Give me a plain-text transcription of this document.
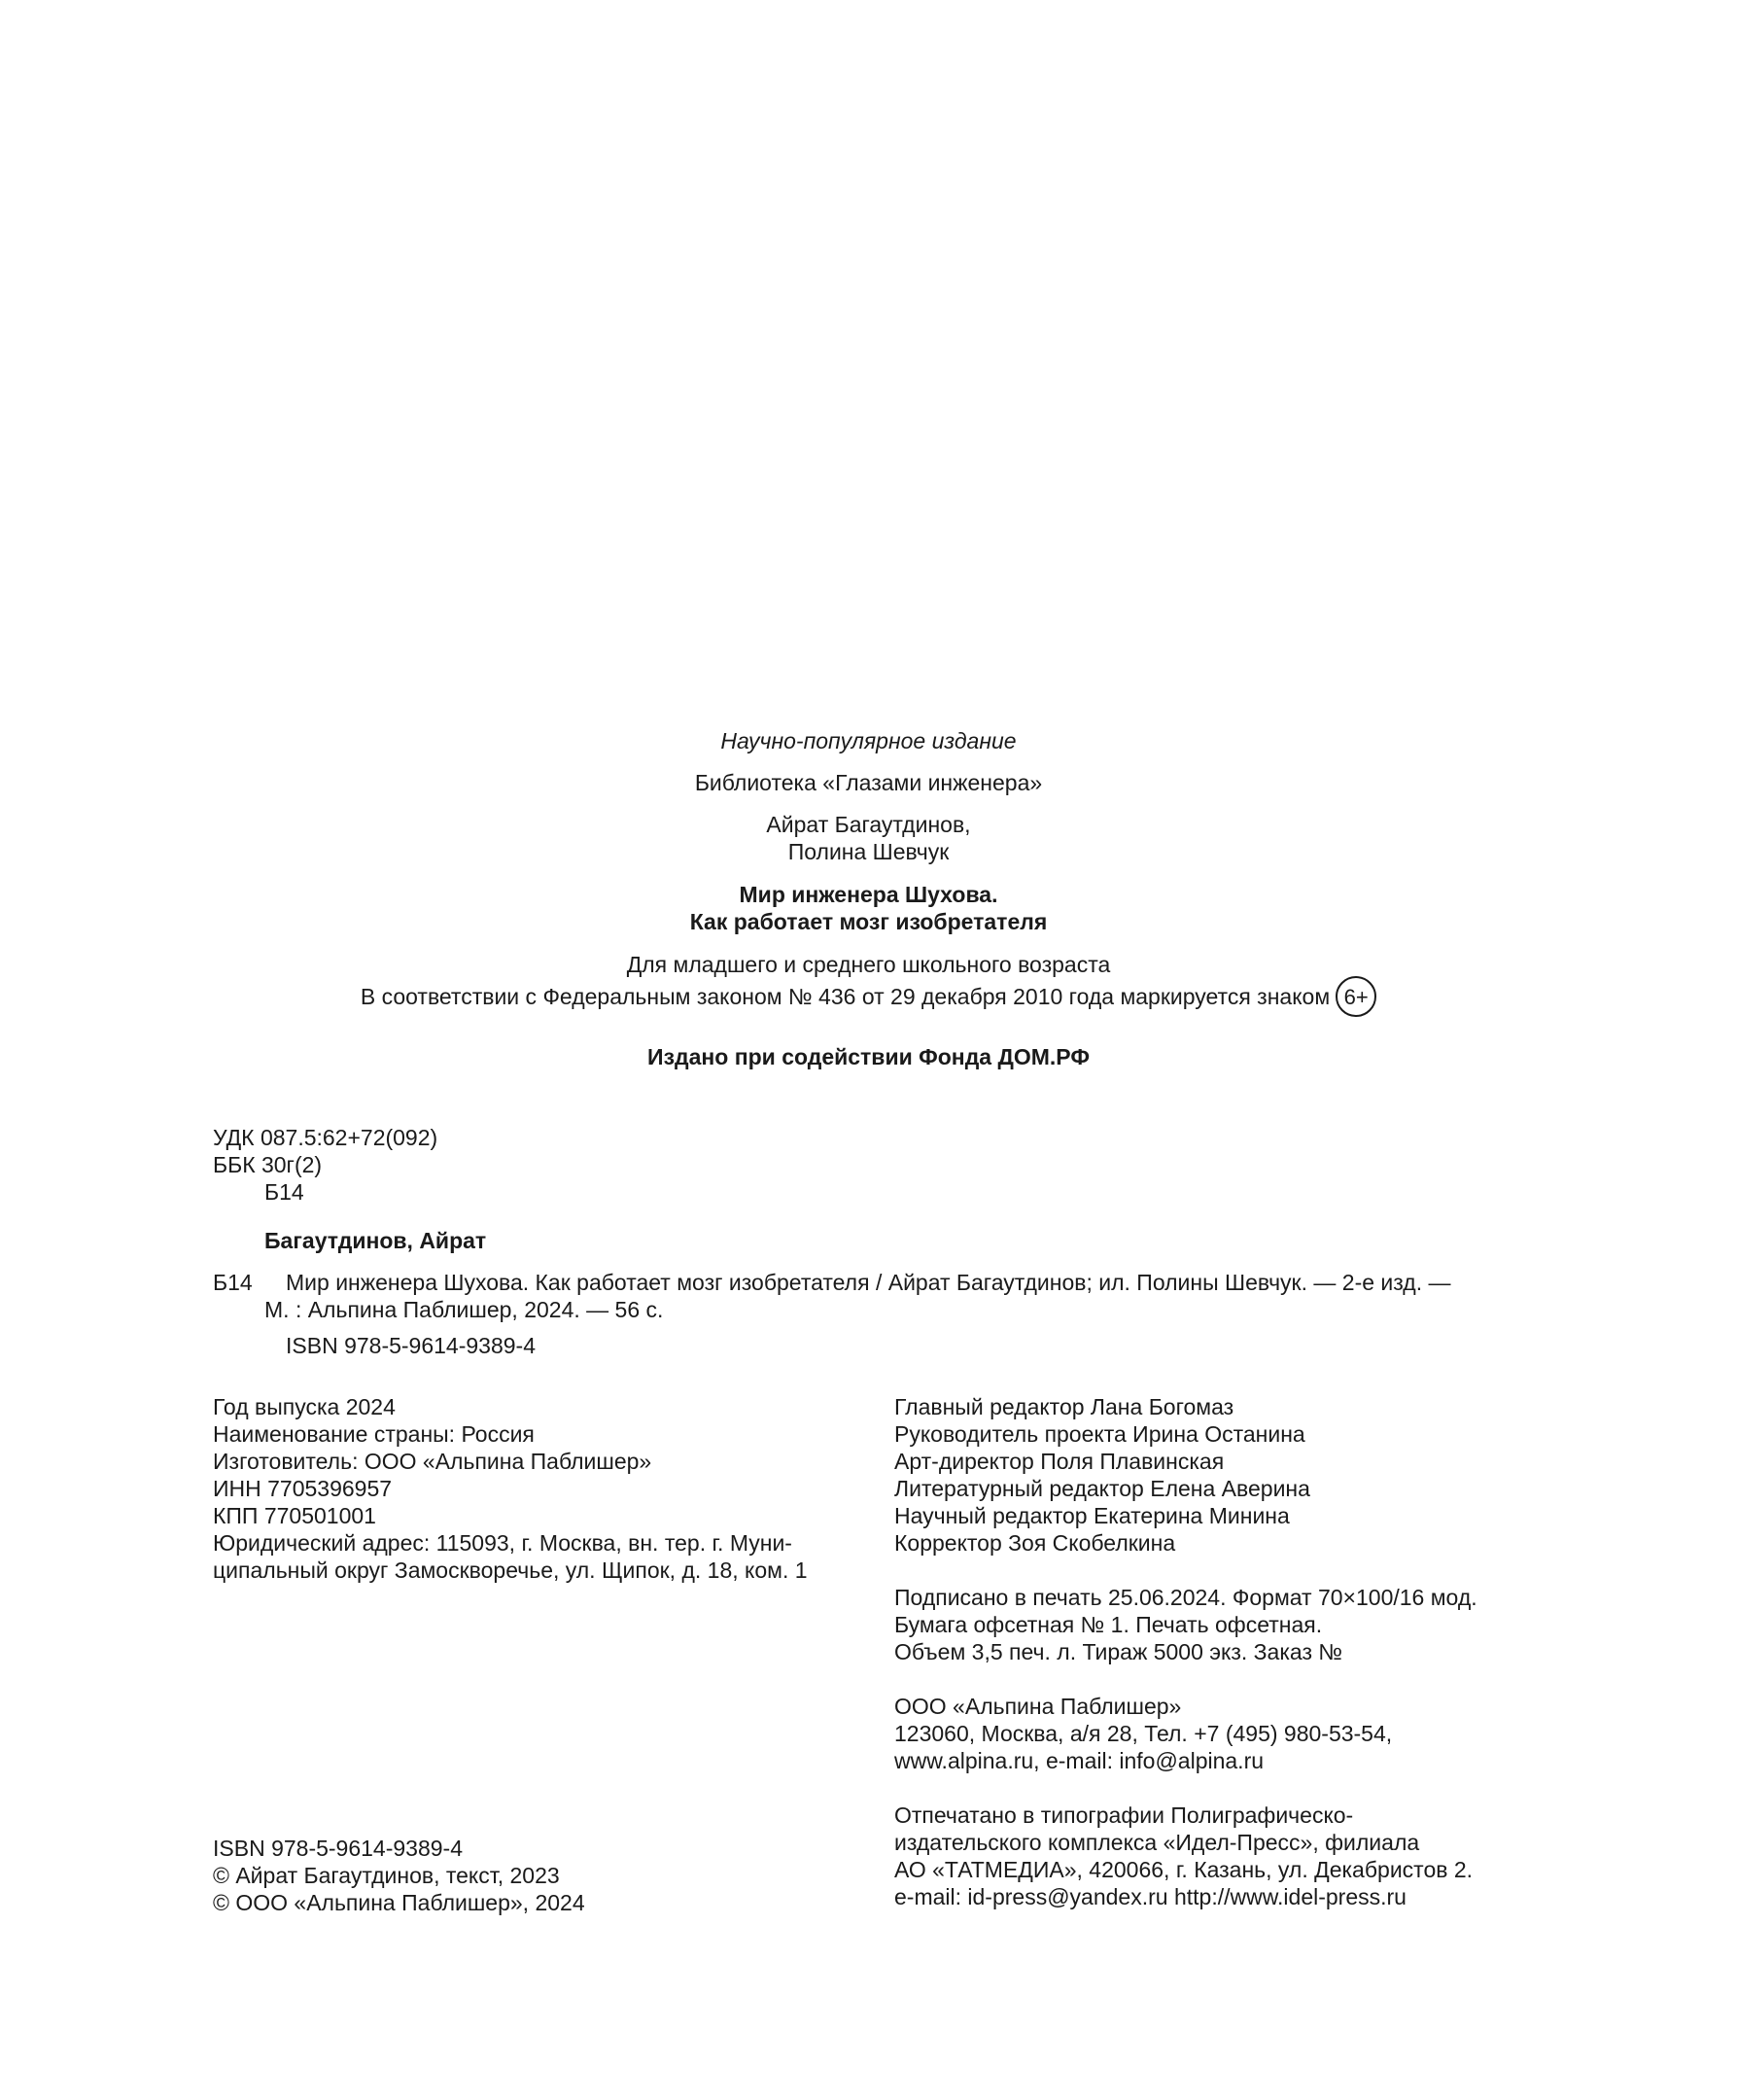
Научно-популярное издание
Библиотека «Глазами инженера»
Айрат Багаутдинов,
Полина Шевчук
Мир инженера Шухова.
Как работает мозг изобретателя
Для младшего и среднего школьного возраста
В соответствии с Федеральным законом № 436 от 29 декабря 2010 года маркируется знаком 6+
Издано при содействии Фонда ДОМ.РФ
УДК 087.5:62+72(092)
ББК 30г(2)
Б14
Багаутдинов, Айрат
Б14 Мир инженера Шухова. Как работает мозг изобретателя / Айрат Багаутдинов; ил. Полины Шевчук. — 2-е изд. —
М. : Альпина Паблишер, 2024. — 56 с.
ISBN 978-5-9614-9389-4
Год выпуска 2024
Наименование страны: Россия
Изготовитель: ООО «Альпина Паблишер»
ИНН 7705396957
КПП 770501001
Юридический адрес: 115093, г. Москва, вн. тер. г. Муни-
ципальный округ Замоскворечье, ул. Щипок, д. 18, ком. 1
Главный редактор Лана Богомаз
Руководитель проекта Ирина Останина
Арт-директор Поля Плавинская
Литературный редактор Елена Аверина
Научный редактор Екатерина Минина
Корректор Зоя Скобелкина
Подписано в печать 25.06.2024. Формат 70×100/16 мод.
Бумага офсетная № 1. Печать офсетная.
Объем 3,5 печ. л. Тираж 5000 экз. Заказ №
ООО «Альпина Паблишер»
123060, Москва, а/я 28, Тел. +7 (495) 980-53-54,
www.alpina.ru, e-mail: info@alpina.ru
Отпечатано в типографии Полиграфическо-
издательского комплекса «Идел-Пресс», филиала
АО «ТАТМЕДИА», 420066, г. Казань, ул. Декабристов 2.
e-mail: id-press@yandex.ru http://www.idel-press.ru
ISBN 978-5-9614-9389-4
© Айрат Багаутдинов, текст, 2023
© ООО «Альпина Паблишер», 2024
